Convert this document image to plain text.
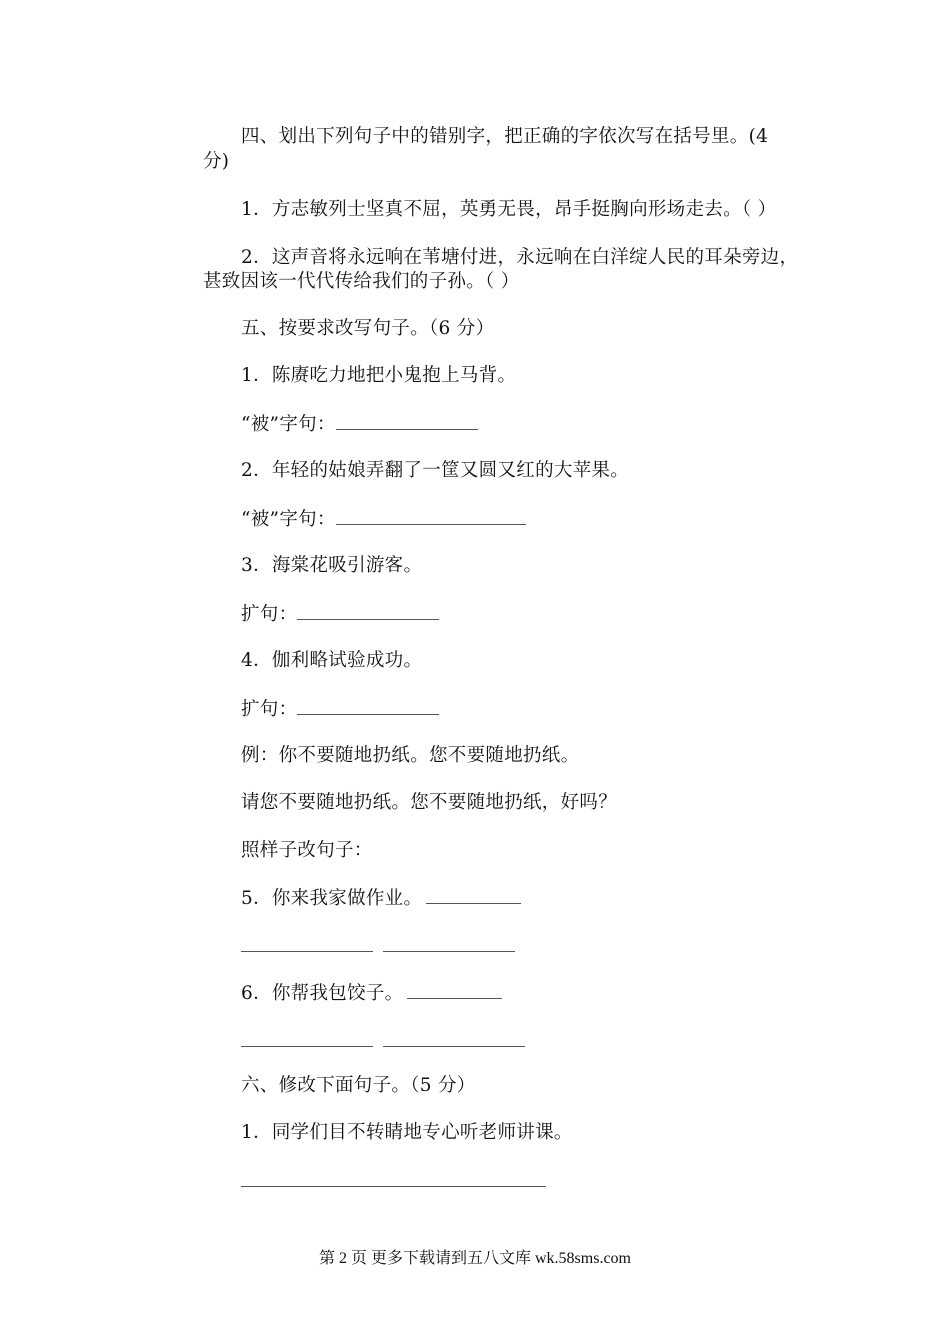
四、划出下列句子中的错别字，把正确的字依次写在括号里。(4
分)
1．方志敏列士坚真不屈，英勇无畏，昂手挺胸向形场走去。（ ）
2．这声音将永远响在苇塘付进，永远响在白洋绽人民的耳朵旁边，
甚致因该一代代传给我们的子孙。（ ）
五、按要求改写句子。（6 分）
1．陈赓吃力地把小鬼抱上马背。
“被”字句：
2．年轻的姑娘弄翻了一筐又圆又红的大苹果。
“被”字句：
3．海棠花吸引游客。
扩句：
4．伽利略试验成功。
扩句：
例：你不要随地扔纸。您不要随地扔纸。
请您不要随地扔纸。您不要随地扔纸，好吗？
照样子改句子：
5．你来我家做作业。
6．你帮我包饺子。
六、修改下面句子。（5 分）
1．同学们目不转睛地专心听老师讲课。
第 2 页 更多下载请到五八文库 wk.58sms.com
